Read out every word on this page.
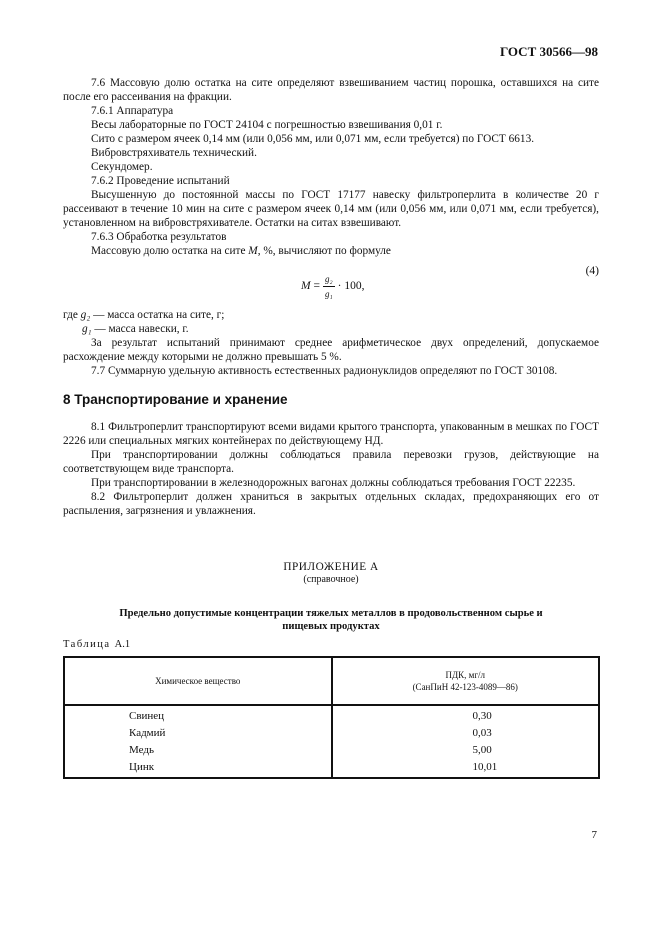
ГОСТ 30566—98

7.6 Массовую долю остатка на сите определяют взвешиванием частиц порошка, оставшихся на сите после его рассеивания на фракции.

7.6.1 Аппаратура

Весы лабораторные по ГОСТ 24104 с погрешностью взвешивания 0,01 г.

Сито с размером ячеек 0,14 мм (или 0,056 мм, или 0,071 мм, если требуется) по ГОСТ 6613.

Вибровстряхиватель технический.

Секундомер.

7.6.2 Проведение испытаний

Высушенную до постоянной массы по ГОСТ 17177 навеску фильтроперлита в количестве 20 г рассеивают в течение 10 мин на сите с размером ячеек 0,14 мм (или 0,056 мм, или 0,071 мм, если требуется), установленном на вибровстряхивателе. Остатки на ситах взвешивают.

7.6.3 Обработка результатов

Массовую долю остатка на сите М, %, вычисляют по формуле

$М = \frac{\text{g₂}}{\text{g₁}} \cdot 100$,
(4)

где g₂ — масса остатка на сите, г;

g₁ — масса навески, г.

За результат испытаний принимают среднее арифметическое двух определений, допускаемое расхождение между которыми не должно превышать 5 %.

7.7 Суммарную удельную активность естественных радионуклидов определяют по ГОСТ 30108.

8 Транспортирование и хранение

8.1 Фильтроперлит транспортируют всеми видами крытого транспорта, упакованным в мешках по ГОСТ 2226 или специальных мягких контейнерах по действующему НД.

При транспортировании должны соблюдаться правила перевозки грузов, действующие на соответствующем виде транспорта.

При транспортировании в железнодорожных вагонах должны соблюдаться требования ГОСТ 22235.

8.2 Фильтроперлит должен храниться в закрытых отдельных складах, предохраняющих его от распыления, загрязнения и увлажнения.

ПРИЛОЖЕНИЕ А
(справочное)
Предельно допустимые концентрации тяжелых металлов в продовольственном сырье и пищевых продуктах
Таблица А.1
Химическое вещество	ПДК, мг/л
(СанПиН 42-123-4089—86)

Свинец	0,30
Кадмий	0,03
Медь	5,00
Цинк	10,01
7
